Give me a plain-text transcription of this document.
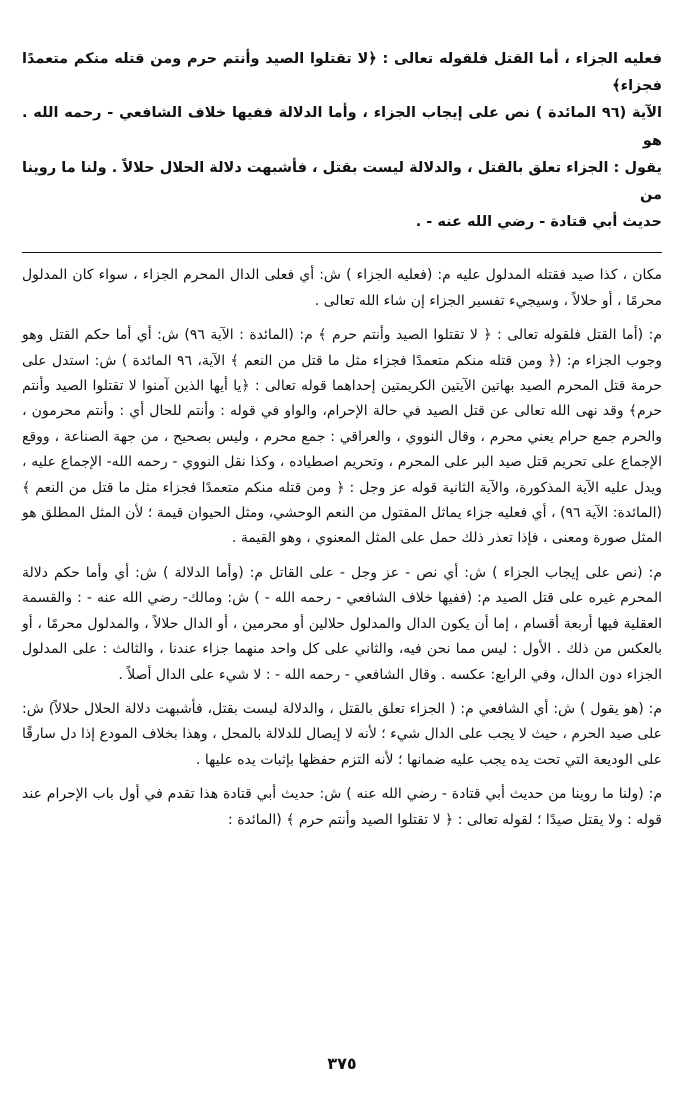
فعليه الجزاء ، أما القتل فلقوله تعالى : ﴿لا تقتلوا الصيد وأنتم حرم ومن قتله منكم متعمدًا فجزاء﴾

الآية (٩٦ المائدة ) نص على إيجاب الجزاء ، وأما الدلالة ففيها خلاف الشافعي - رحمه الله . هو

يقول : الجزاء تعلق بالقتل ، والدلالة ليست بقتل ، فأشبهت دلالة الحلال حلالاً . ولنا ما روينا من

حديث أبي قتادة - رضي الله عنه - .

مكان ، كذا صيد فقتله المدلول عليه م: (فعليه الجزاء ) ش: أي فعلى الدال المحرم الجزاء ، سواء كان المدلول محرمًا ، أو حلالاً ، وسيجيء تفسير الجزاء إن شاء الله تعالى .

م: (أما القتل فلقوله تعالى : ﴿ لا تقتلوا الصيد وأنتم حرم ﴾ م: (المائدة : الآية ٩٦) ش: أي أما حكم القتل وهو وجوب الجزاء م: (﴿ ومن قتله منكم متعمدًا فجزاء مثل ما قتل من النعم ﴾ الآية، ٩٦ المائدة ) ش: استدل على حرمة قتل المحرم الصيد بهاتين الآيتين الكريمتين إحداهما قوله تعالى : ﴿يا أيها الذين آمنوا لا تقتلوا الصيد وأنتم حرم﴾ وقد نهى الله تعالى عن قتل الصيد في حالة الإحرام، والواو في قوله : وأنتم للحال أي : وأنتم محرمون ، والحرم جمع حرام يعني محرم ، وقال النووي ، والعراقي : جمع محرم ، وليس بصحيح ، من جهة الصناعة ، ووقع الإجماع على تحريم قتل صيد البر على المحرم ، وتحريم اصطياده ، وكذا نقل النووي - رحمه الله- الإجماع عليه ، ويدل عليه الآية المذكورة، والآية الثانية قوله عز وجل : ﴿ ومن قتله منكم متعمدًا فجزاء مثل ما قتل من النعم ﴾ (المائدة: الآية ٩٦) ، أي فعليه جزاء يماثل المقتول من النعم الوحشي، ومثل الحيوان قيمة ؛ لأن المثل المطلق هو المثل صورة ومعنى ، فإذا تعذر ذلك حمل على المثل المعنوي ، وهو القيمة .

م: (نص على إيجاب الجزاء ) ش: أي نص - عز وجل - على القاتل م: (وأما الدلالة ) ش: أي وأما حكم دلالة المحرم غيره على قتل الصيد م: (ففيها خلاف الشافعي - رحمه الله - ) ش: ومالك- رضي الله عنه - : والقسمة العقلية فيها أربعة أقسام ، إما أن يكون الدال والمدلول حلالين أو محرمين ، أو الدال حلالاً ، والمدلول محرمًا ، أو بالعكس من ذلك . الأول : ليس مما نحن فيه، والثاني على كل واحد منهما جزاء عندنا ، والثالث : على المدلول الجزاء دون الدال، وفي الرابع: عكسه . وقال الشافعي - رحمه الله - : لا شيء على الدال أصلاً .

م: (هو يقول ) ش: أي الشافعي م: ( الجزاء تعلق بالقتل ، والدلالة ليست بقتل، فأشبهت دلالة الحلال حلالاً) ش: على صيد الحرم ، حيث لا يجب على الدال شيء ؛ لأنه لا إيصال للدلالة بالمحل ، وهذا بخلاف المودع إذا دل سارقًا على الوديعة التي تحت يده يجب عليه ضمانها ؛ لأنه التزم حفظها بإثبات يده عليها .

م: (ولنا ما روينا من حديث أبي قتادة - رضي الله عنه ) ش: حديث أبي قتادة هذا تقدم في أول باب الإحرام عند قوله : ولا يقتل صيدًا ؛ لقوله تعالى : ﴿ لا تقتلوا الصيد وأنتم حرم ﴾ (المائدة :

٣٧٥
